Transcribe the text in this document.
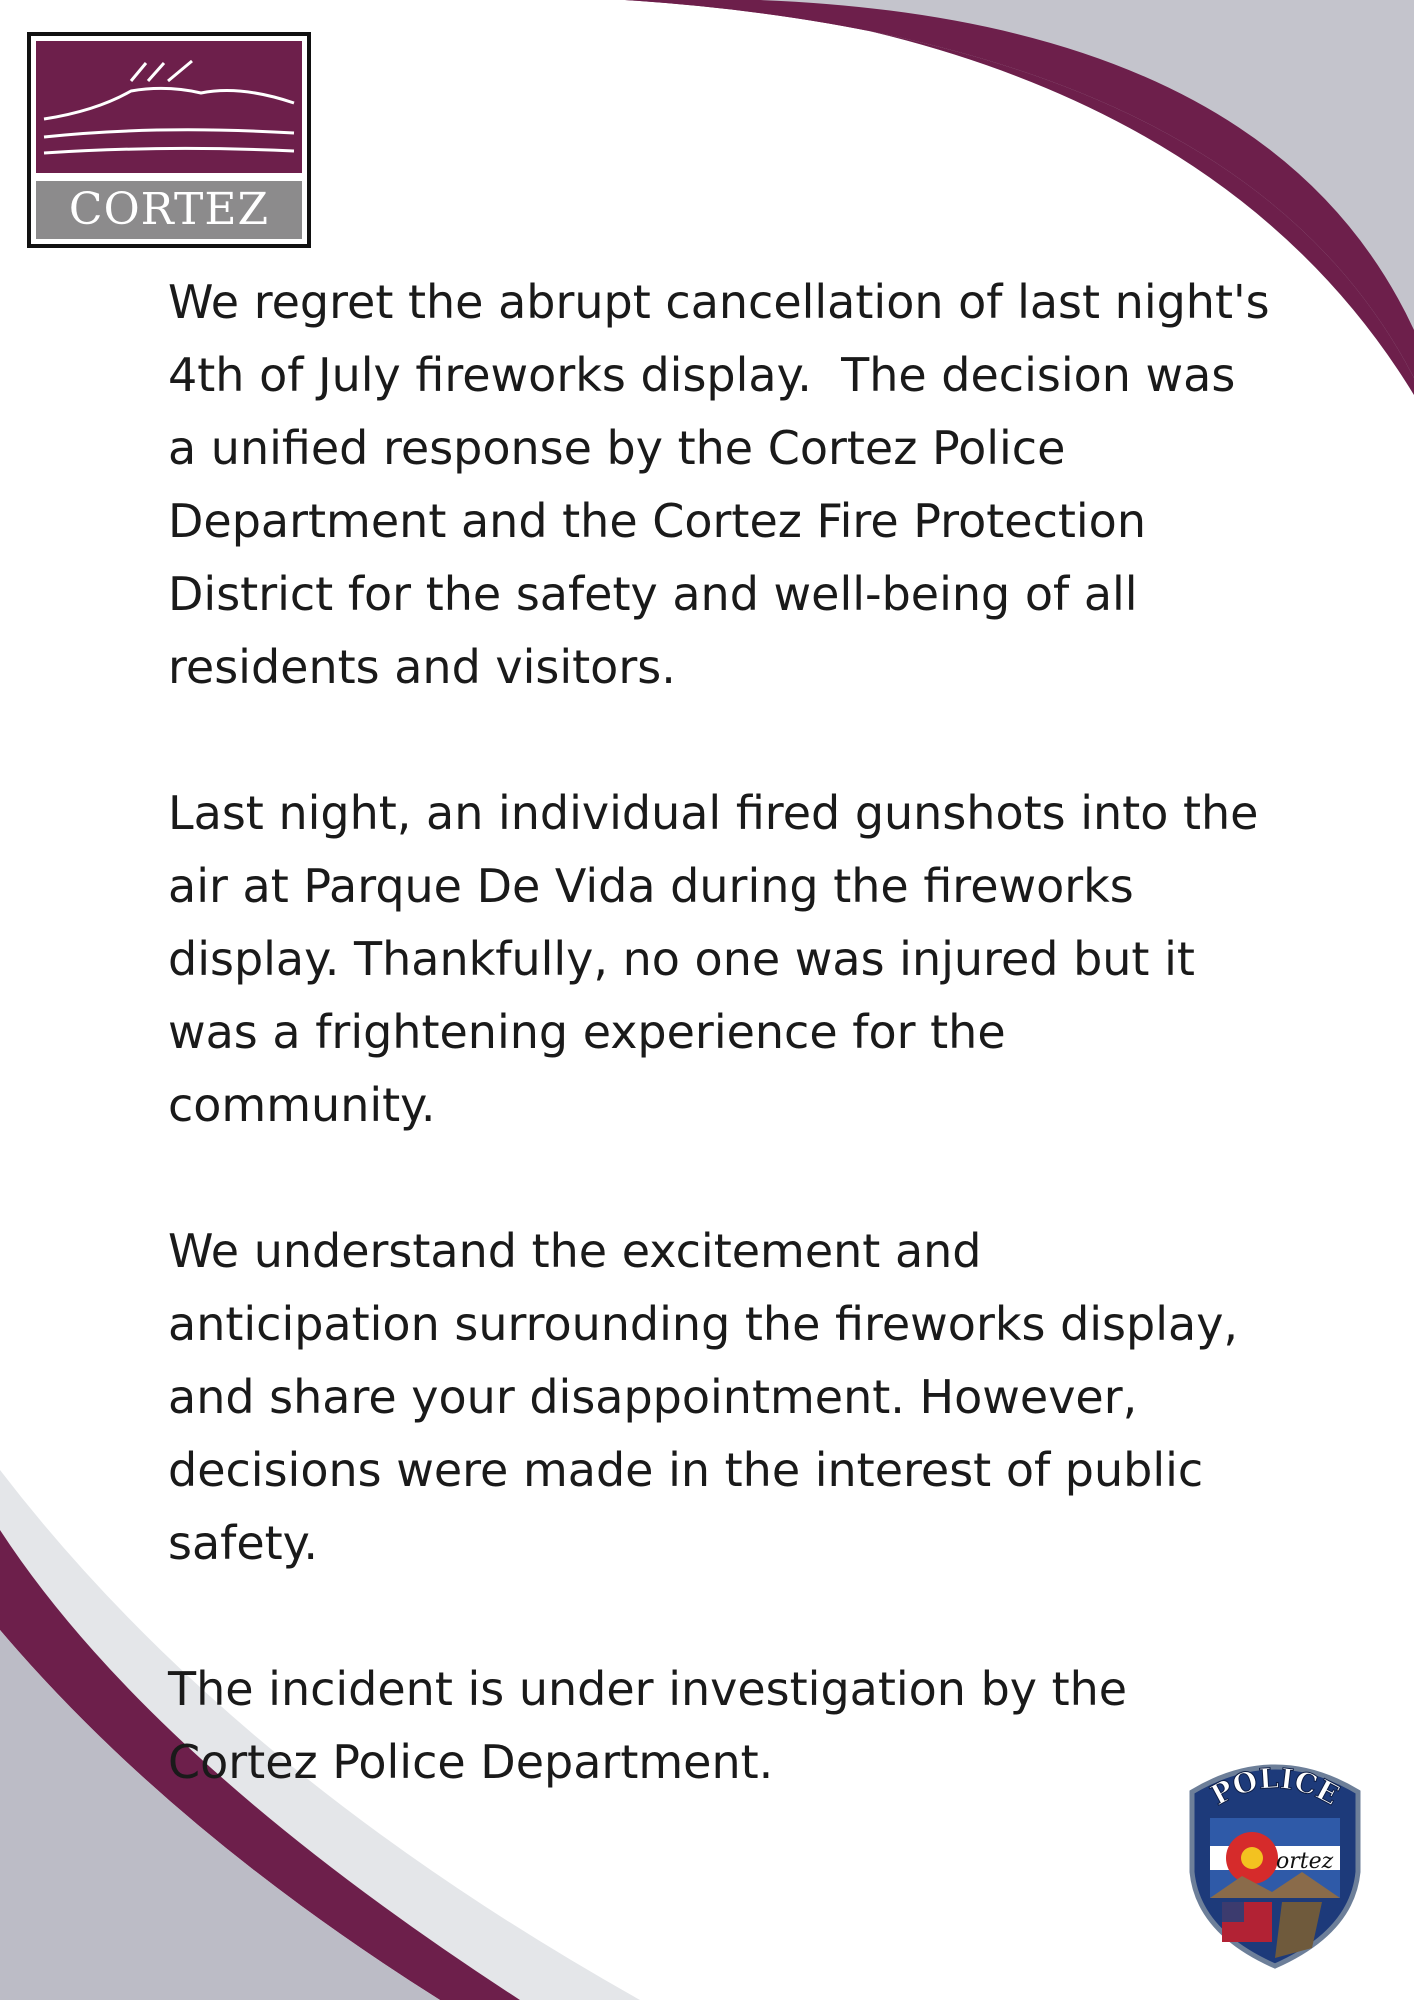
CORTEZ

We regret the abrupt cancellation of last night's
4th of July fireworks display.  The decision was
a unified response by the Cortez Police
Department and the Cortez Fire Protection
District for the safety and well-being of all
residents and visitors.

Last night, an individual fired gunshots into the
air at Parque De Vida during the fireworks
display. Thankfully, no one was injured but it
was a frightening experience for the
community.

We understand the excitement and
anticipation surrounding the fireworks display,
and share your disappointment. However,
decisions were made in the interest of public
safety.

The incident is under investigation by the
Cortez Police Department.

POLICE
ortez
